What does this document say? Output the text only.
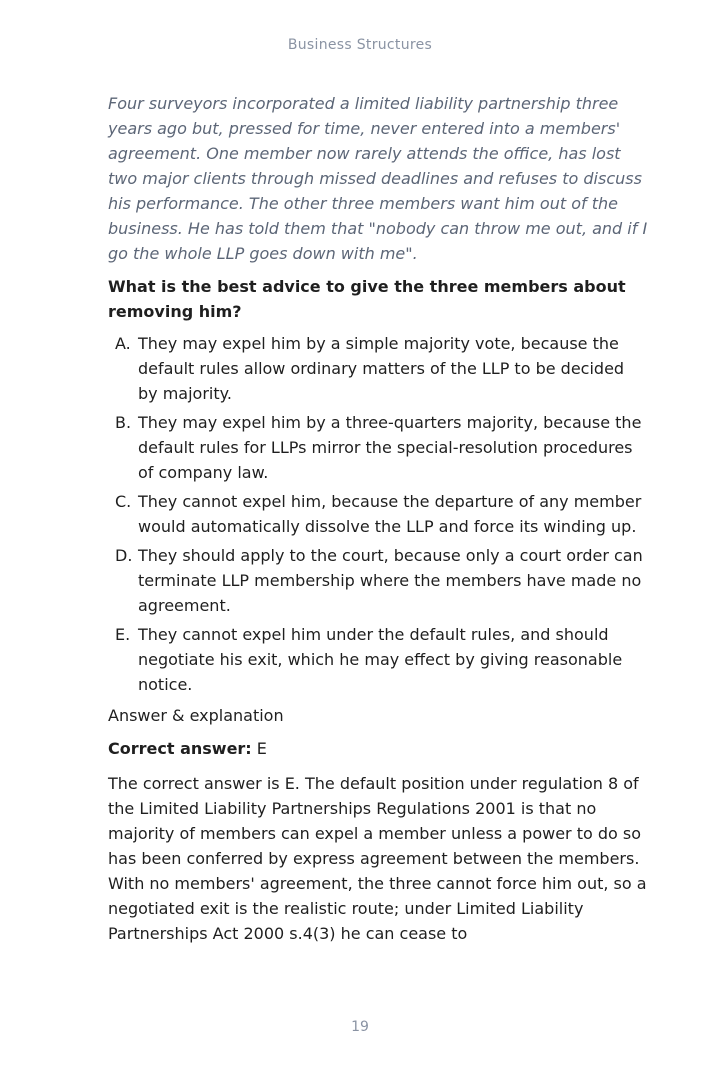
Business Structures

Four surveyors incorporated a limited liability partnership three years ago but, pressed for time, never entered into a members' agreement. One member now rarely attends the office, has lost two major clients through missed deadlines and refuses to discuss his performance. The other three members want him out of the business. He has told them that "nobody can throw me out, and if I go the whole LLP goes down with me".

What is the best advice to give the three members about removing him?

A. They may expel him by a simple majority vote, because the default rules allow ordinary matters of the LLP to be decided by majority.
B. They may expel him by a three-quarters majority, because the default rules for LLPs mirror the special-resolution procedures of company law.
C. They cannot expel him, because the departure of any member would automatically dissolve the LLP and force its winding up.
D. They should apply to the court, because only a court order can terminate LLP membership where the members have made no agreement.
E. They cannot expel him under the default rules, and should negotiate his exit, which he may effect by giving reasonable notice.

Answer & explanation

Correct answer: E

The correct answer is E. The default position under regulation 8 of the Limited Liability Partnerships Regulations 2001 is that no majority of members can expel a member unless a power to do so has been conferred by express agreement between the members. With no members' agreement, the three cannot force him out, so a negotiated exit is the realistic route; under Limited Liability Partnerships Act 2000 s.4(3) he can cease to

19
